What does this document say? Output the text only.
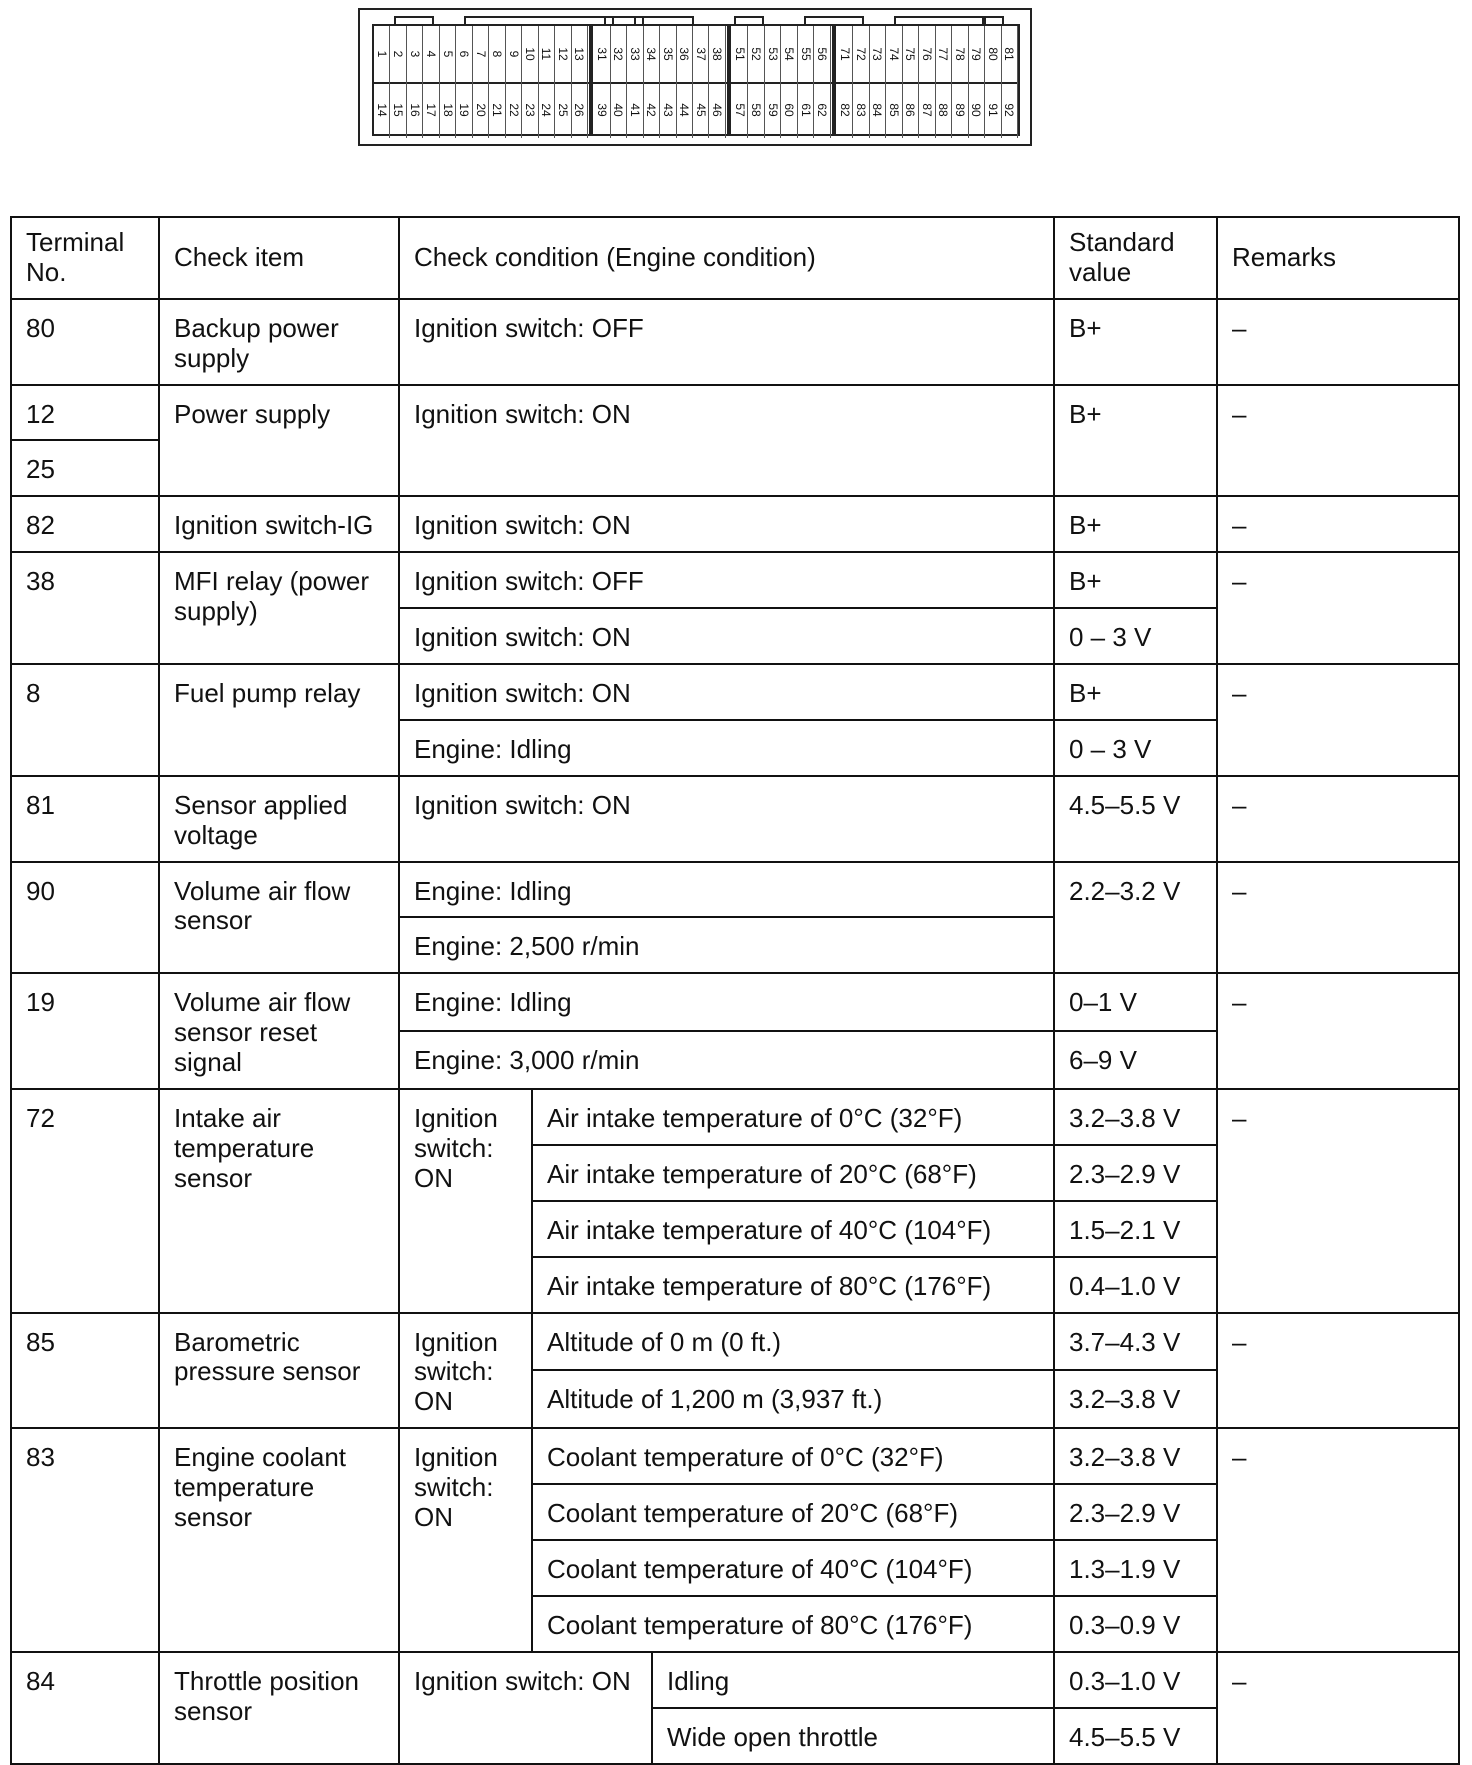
1 2 3 4 5 6 7 8 9 10 11 12 13 31 32 33 34 35 36 37 38 51 52 53 54 55 56 71 72 73 74 75 76 77 78 79 80 81
14 15 16 17 18 19 20 21 22 23 24 25 26 39 40 41 42 43 44 45 46 57 58 59 60 61 62 82 83 84 85 86 87 88 89 90 91 92
Terminal No.	Check item	Check condition (Engine condition)			Standard value	Remarks
80	Backup power supply	Ignition switch: OFF			B+	–
12	Power supply	Ignition switch: ON			B+	–
25						
82	Ignition switch-IG	Ignition switch: ON			B+	–
38	MFI relay (power supply)	Ignition switch: OFF			B+	–
		Ignition switch: ON			0 – 3 V	
8	Fuel pump relay	Ignition switch: ON			B+	–
		Engine: Idling			0 – 3 V	
81	Sensor applied voltage	Ignition switch: ON			4.5–5.5 V	–
90	Volume air flow sensor	Engine: Idling			2.2–3.2 V	–
		Engine: 2,500 r/min				
19	Volume air flow sensor reset signal	Engine: Idling			0–1 V	–
		Engine: 3,000 r/min			6–9 V	
72	Intake air temperature sensor	Ignition switch: ON	Air intake temperature of 0°C (32°F)		3.2–3.8 V	–
			Air intake temperature of 20°C (68°F)		2.3–2.9 V	
			Air intake temperature of 40°C (104°F)		1.5–2.1 V	
			Air intake temperature of 80°C (176°F)		0.4–1.0 V	
85	Barometric pressure sensor	Ignition switch: ON	Altitude of 0 m (0 ft.)		3.7–4.3 V	–
			Altitude of 1,200 m (3,937 ft.)		3.2–3.8 V	
83	Engine coolant temperature sensor	Ignition switch: ON	Coolant temperature of 0°C (32°F)		3.2–3.8 V	–
			Coolant temperature of 20°C (68°F)		2.3–2.9 V	
			Coolant temperature of 40°C (104°F)		1.3–1.9 V	
			Coolant temperature of 80°C (176°F)		0.3–0.9 V	
84	Throttle position sensor	Ignition switch: ON		Idling	0.3–1.0 V	–
				Wide open throttle	4.5–5.5 V	
